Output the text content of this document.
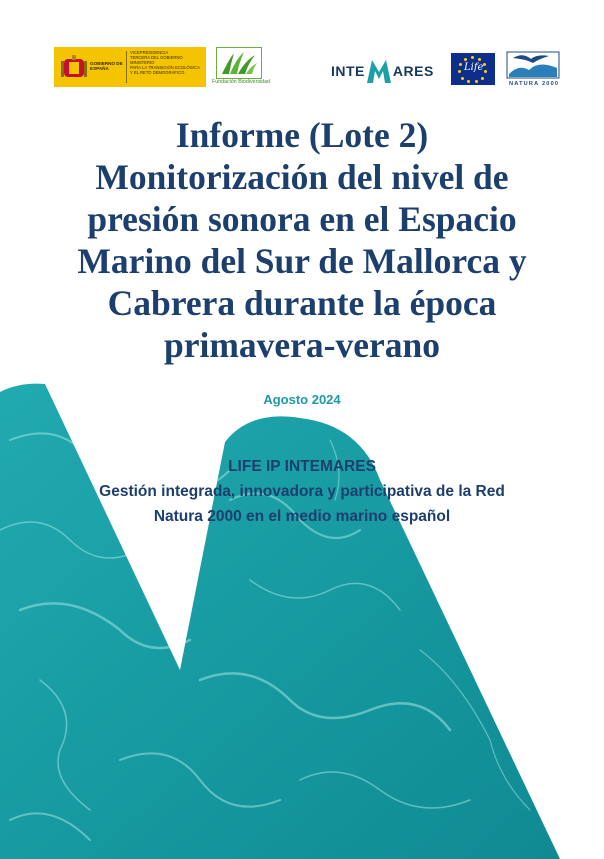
GOBIERNO DE ESPAÑA
VICEPRESIDENCIA
TERCERA DEL GOBIERNO
MINISTERIO
PARA LA TRANSICIÓN ECOLÓGICA
Y EL RETO DEMOGRÁFICO
Fundación Biodiversidad
INTE ARES	Life
NATURA 2000
Informe (Lote 2)
Monitorización del nivel de
presión sonora en el Espacio
Marino del Sur de Mallorca y
Cabrera durante la época
primavera-verano
Agosto 2024
LIFE IP INTEMARES
Gestión integrada, innovadora y participativa de la Red
Natura 2000 en el medio marino español
